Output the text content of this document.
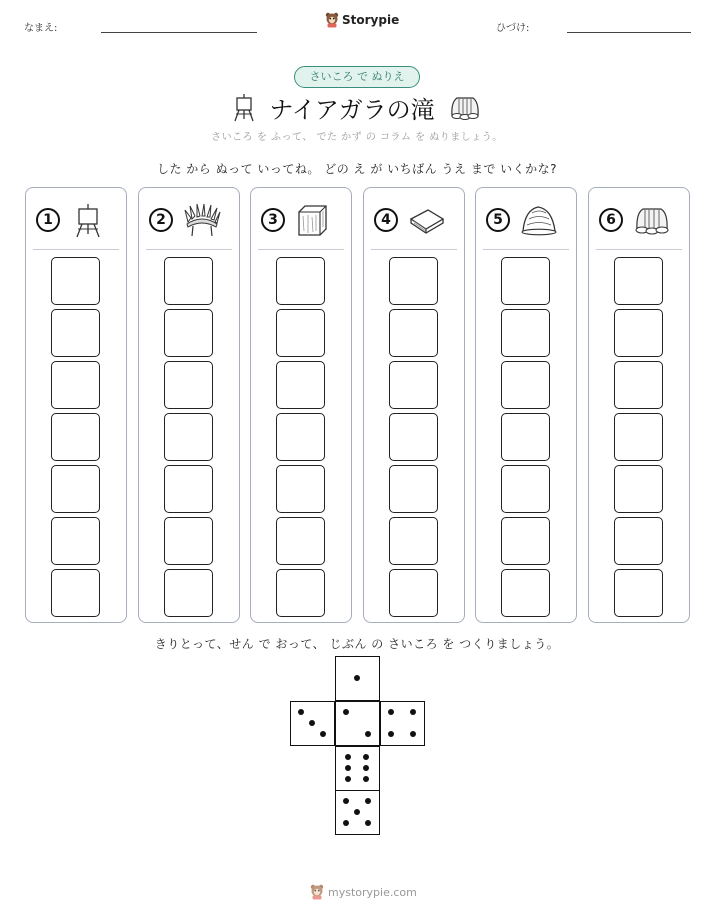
なまえ:
Storypie
ひづけ:
さいころ で ぬりえ
ナイアガラの滝
さいころ を ふって、 でた かず の コラム を ぬりましょう。
した から ぬって いってね。 どの え が いちばん うえ まで いくかな?
1	2	3	4	5	6
きりとって、せん で おって、 じぶん の さいころ を つくりましょう。
mystorypie.com
